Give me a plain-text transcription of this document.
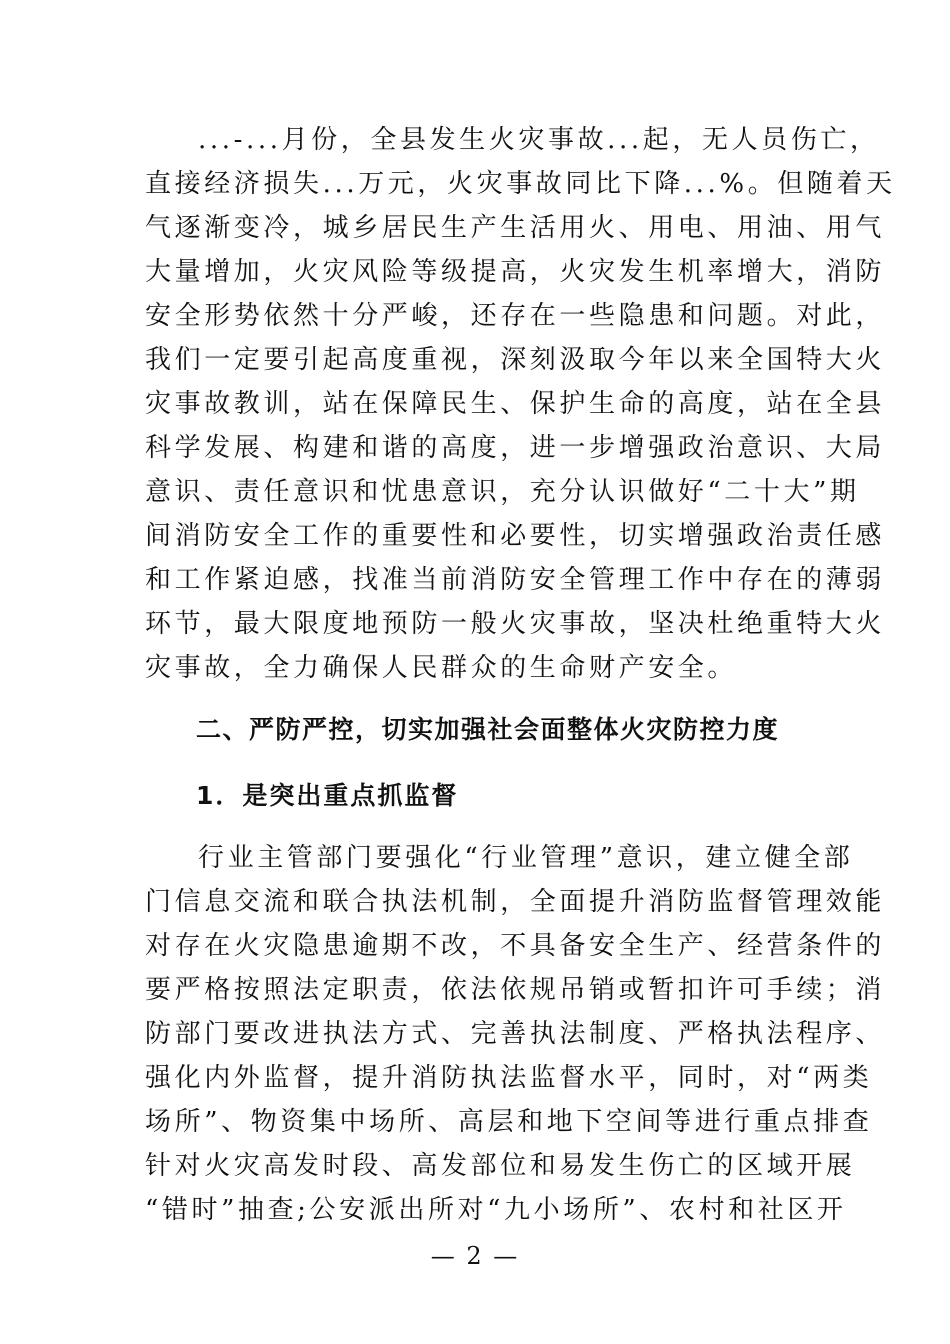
...-...月份，全县发生火灾事故...起，无人员伤亡，
直接经济损失...万元，火灾事故同比下降...%。但随着天
气逐渐变冷，城乡居民生产生活用火、用电、用油、用气
大量增加，火灾风险等级提高，火灾发生机率增大，消防
安全形势依然十分严峻，还存在一些隐患和问题。对此，
我们一定要引起高度重视，深刻汲取今年以来全国特大火
灾事故教训，站在保障民生、保护生命的高度，站在全县
科学发展、构建和谐的高度，进一步增强政治意识、大局
意识、责任意识和忧患意识，充分认识做好“二十大”期
间消防安全工作的重要性和必要性，切实增强政治责任感
和工作紧迫感，找准当前消防安全管理工作中存在的薄弱
环节，最大限度地预防一般火灾事故，坚决杜绝重特大火
灾事故，全力确保人民群众的生命财产安全。
二、严防严控，切实加强社会面整体火灾防控力度
1．是突出重点抓监督
行业主管部门要强化“行业管理”意识，建立健全部
门信息交流和联合执法机制，全面提升消防监督管理效能
对存在火灾隐患逾期不改，不具备安全生产、经营条件的
要严格按照法定职责，依法依规吊销或暂扣许可手续；消
防部门要改进执法方式、完善执法制度、严格执法程序、
强化内外监督，提升消防执法监督水平，同时，对“两类
场所”、物资集中场所、高层和地下空间等进行重点排查
针对火灾高发时段、高发部位和易发生伤亡的区域开展
“错时”抽查;公安派出所对“九小场所”、农村和社区开
— 2 —
